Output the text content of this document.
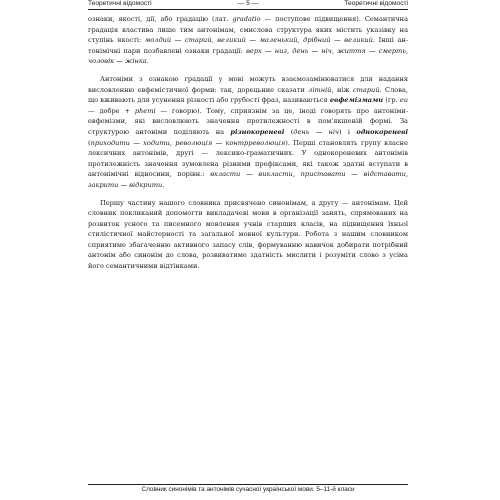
Теоретичні відомості	— 5 —	Теоретичні відомості

ознаки, якості, дії, або градацію (лат. gradatio — поступове підвищення). Семантична градація властива лише тим антонімам, смислова структура яких містить указівку на ступінь якості: молдий — старий, великий — маленький, дрібний — великий. Інші антонімічні пари позбавлені ознаки градації: верх — низ, день — ніч, життя — смерть, чоловік — жінка.

Антоніми з ознакою градації у мові можуть взаємозамінюватися для надання висловленню евфемістичної форми: так, дорецьние сказати літній, ніж старий. Слова, що вживають для усунення різкості або грубості фраз, називаються евфемізмами (гр. eu — добре + phemi — говорю). Тому, сприязнім за це, іноді говорять про антоніми-евфемізми, які висловлюють значення протилежності в пом'якшеній формі. За структурою антоніми поділяють на різнокореневі (день — ніч) і однокореневі (приходити — ходити, революція — контрреволюція). Перші становлять групу власне лексичних антонімів, другі — лексико-граматичних. У однокореневих антонімів протилежність значення зумовлена різними префіксами, які також здатні вступати в антонімічні відносини, порівн.: вкласти — викласти, приставати — відставати, закрити — відкрити.

Першу частину нашого словника присвячено синонімам, а другу — антонімам. Цей словник покликаний допомогти викладачеві мови в організації занять, спрямованих на розвиток усного та писемного мовлення учнів старших класів, на підвищення їхньої стилістичної майстерності та загальної мовної культури. Робота з нашим словником сприятиме збагаченню активного запасу слів, формуванню навичок добирати потрібний антонім або синонім до слова, розвиватиме здатність мислити і розуміти слово з усіма його семантичними відтінками.

Словник синонімів та антонімів сучасної української мови. 5–11-й класи
